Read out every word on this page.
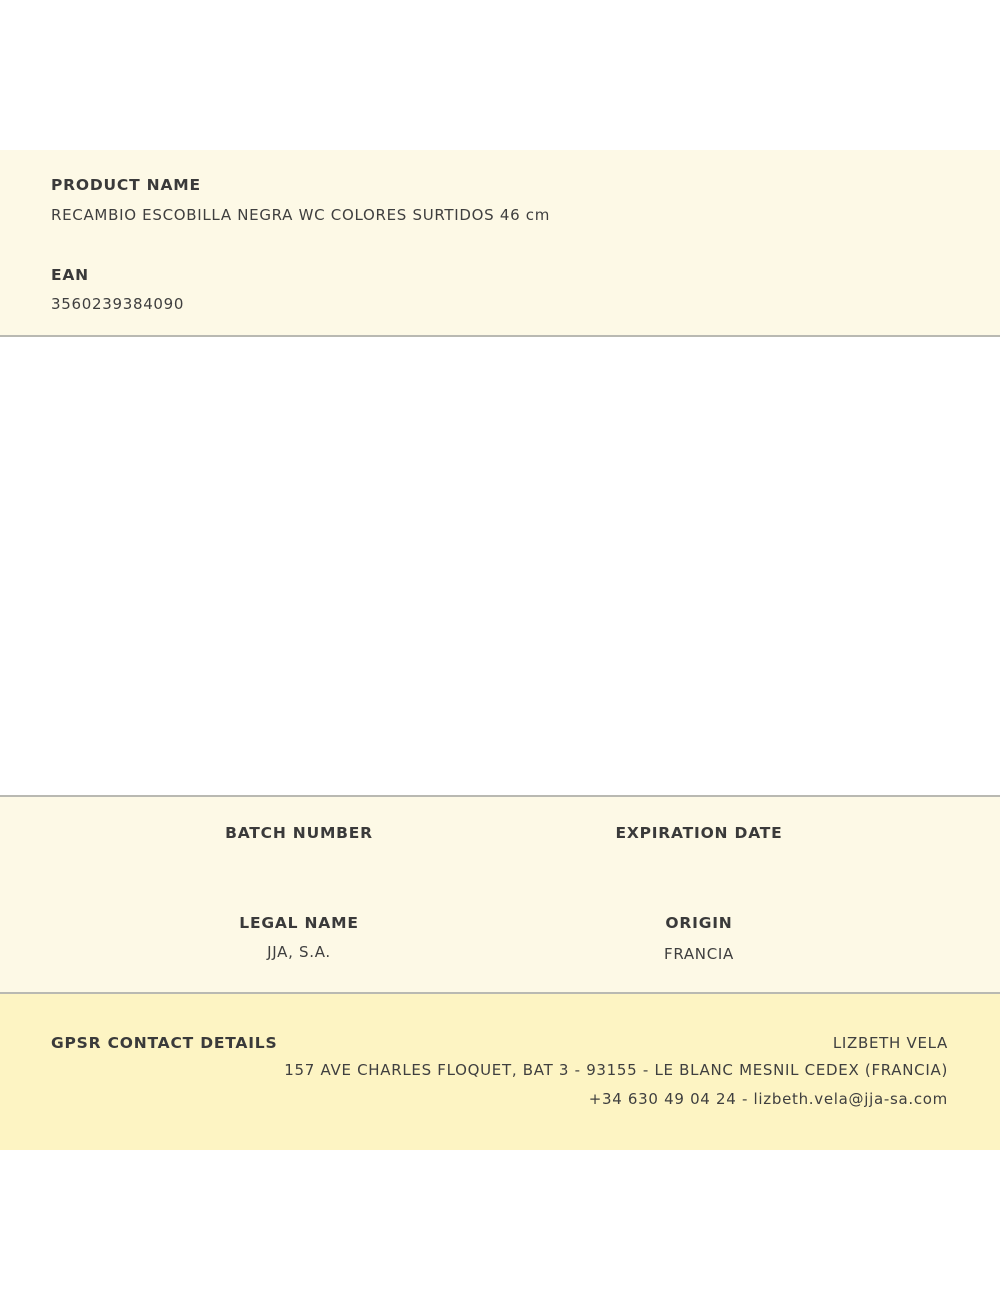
PRODUCT NAME
RECAMBIO ESCOBILLA NEGRA WC COLORES SURTIDOS 46 cm
EAN
3560239384090
BATCH NUMBER	EXPIRATION DATE
LEGAL NAME
JJA, S.A.
ORIGIN
FRANCIA
GPSR CONTACT DETAILS	LIZBETH VELA
157 AVE CHARLES FLOQUET, BAT 3 - 93155 - LE BLANC MESNIL CEDEX (FRANCIA)
+34 630 49 04 24 - lizbeth.vela@jja-sa.com
